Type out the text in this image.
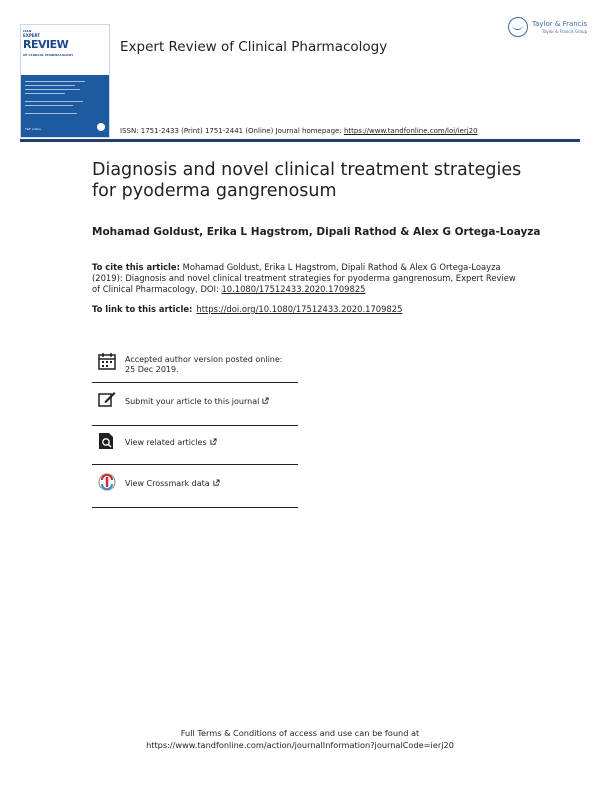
ISSN
EXPERT
REVIEW
OF CLINICAL PHARMACOLOGY
T&F online
Taylor & Francis
Taylor & Francis Group
Expert Review of Clinical Pharmacology
ISSN: 1751-2433 (Print) 1751-2441 (Online) Journal homepage: https://www.tandfonline.com/loi/ierj20
Diagnosis and novel clinical treatment strategies for pyoderma gangrenosum
Mohamad Goldust, Erika L Hagstrom, Dipali Rathod & Alex G Ortega-Loayza
To cite this article: Mohamad Goldust, Erika L Hagstrom, Dipali Rathod & Alex G Ortega-Loayza (2019): Diagnosis and novel clinical treatment strategies for pyoderma gangrenosum, Expert Review of Clinical Pharmacology, DOI: 10.1080/17512433.2020.1709825
To link to this article: https://doi.org/10.1080/17512433.2020.1709825
Accepted author version posted online: 25 Dec 2019.
Submit your article to this journal
View related articles
View Crossmark data
Full Terms & Conditions of access and use can be found at
https://www.tandfonline.com/action/journalInformation?journalCode=ierj20
